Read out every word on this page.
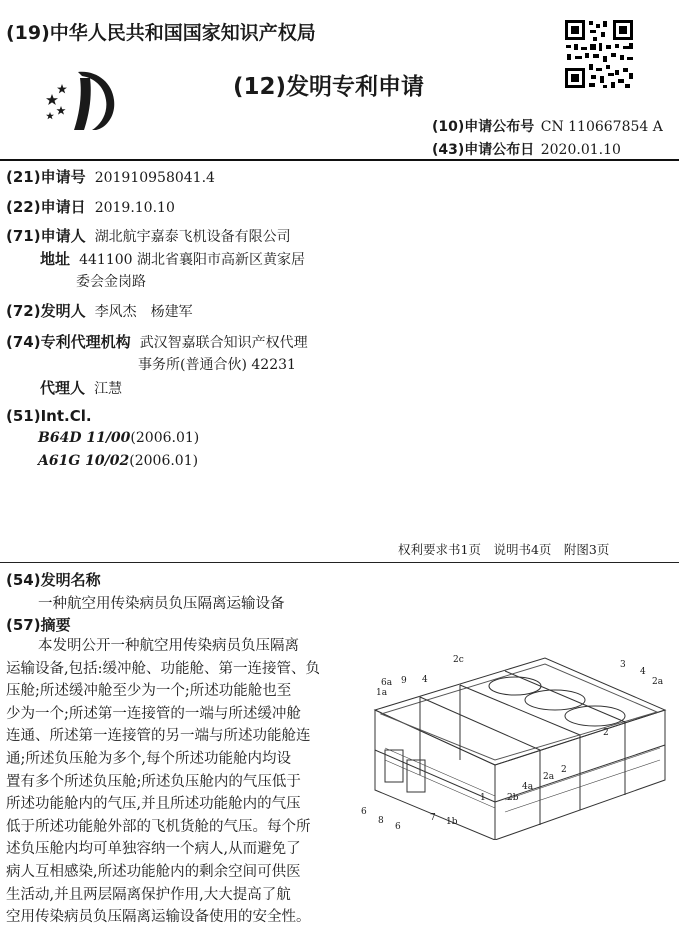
(19)中华人民共和国国家知识产权局
(12)发明专利申请
(10)申请公布号 CN 110667854 A
(43)申请公布日 2020.01.10
(21)申请号 201910958041.4
(22)申请日 2019.10.10
(71)申请人 湖北航宇嘉泰飞机设备有限公司
地址 441100 湖北省襄阳市高新区黄家居
委会金岗路
(72)发明人 李风杰　杨建军
(74)专利代理机构 武汉智嘉联合知识产权代理
事务所(普通合伙) 42231
代理人 江慧
(51)Int.Cl.
B64D 11/00(2006.01)
A61G 10/02(2006.01)
权利要求书1页　说明书4页　附图3页
(54)发明名称
一种航空用传染病员负压隔离运输设备
(57)摘要

本发明公开一种航空用传染病员负压隔离

运输设备,包括:缓冲舱、功能舱、第一连接管、负

压舱;所述缓冲舱至少为一个;所述功能舱也至

少为一个;所述第一连接管的一端与所述缓冲舱

连通、所述第一连接管的另一端与所述功能舱连

通;所述负压舱为多个,每个所述功能舱内均设

置有多个所述负压舱;所述负压舱内的气压低于

所述功能舱内的气压,并且所述功能舱内的气压

低于所述功能舱外部的飞机货舱的气压。每个所

述负压舱内均可单独容纳一个病人,从而避免了

病人互相感染,所述功能舱内的剩余空间可供医

生活动,并且两层隔离保护作用,大大提高了航

空用传染病员负压隔离运输设备使用的安全性。

2c
4
9
6a
1a
3
4
2a
2
2
2a
4a
2b
1
6
8
6
7 1b
